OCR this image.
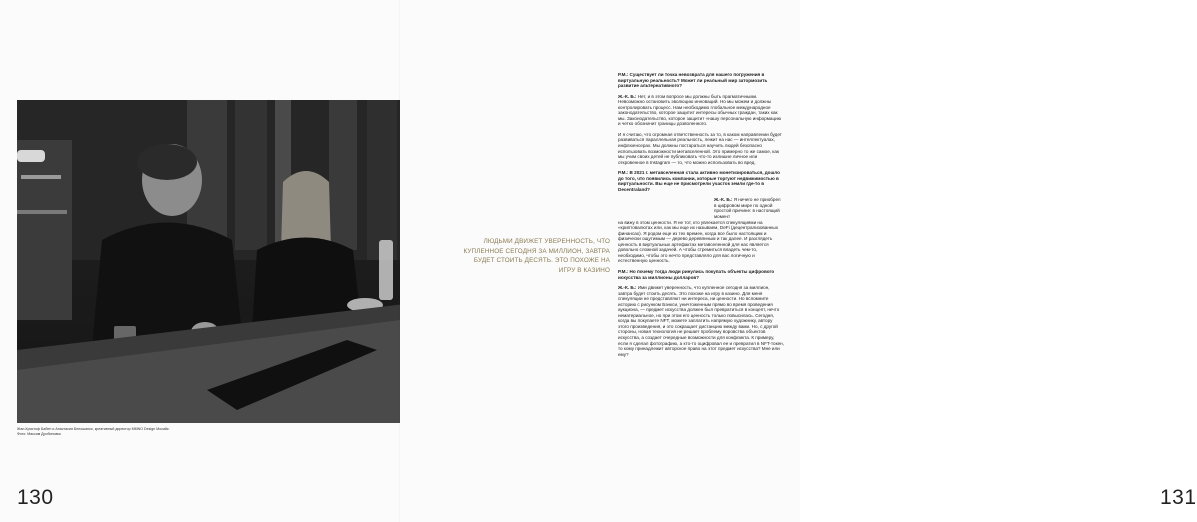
Жан-Кристоф Бабен и Анастасия Белошапко, креативный директор MMNO Design Мосайк. Фото: Максим Дробиновск
130	131
ЛЮДЬМИ ДВИЖЕТ УВЕРЕННОСТЬ, ЧТО КУПЛЕННОЕ СЕГОДНЯ ЗА МИЛЛИОН, ЗАВТРА БУДЕТ СТОИТЬ ДЕСЯТЬ. ЭТО ПОХОЖЕ НА ИГРУ В КАЗИНО

Р.М.: Существует ли точка невозврата для нашего погружения в виртуальную реальность? Может ли реальный мир затормозить развитие альтернативного?

Ж.-К. Б.: Нет, и в этом вопросе мы должны быть прагматичными. Невозможно остановить эволюцию инноваций. Но мы можем и должны контролировать процесс. Нам необходимо глобальное международное законодательство, которое защитит интересы обычных граждан, таких как мы. Законодательство, которое защитит «нашу персональную информацию и четко обозначит границы дозволенного.

И я считаю, что огромная ответственность за то, в каком направлении будет развиваться параллельная реальность, лежит на нас — интеллектуалах, инфлюенсерах. Мы должны постараться научить людей безопасно использовать возможности метавселенной. Это примерно то же самое, как мы учим своих детей не публиковать что-то излишне личное или откровенное в Instagram — то, что можно использовать во вред.

Р.М.: В 2021 г. метавселенная стала активно монетизироваться, дошло до того, что появились компании, которые торгуют недвижимостью в виртуальности. Вы еще не присмотрели участок земли где-то в Decentraland?

Ж.-К. Б.: Я ничего не приобрел в цифровом мире по одной простой причине: в настоящий момент

на вижу в этом ценности. Я не тот, кто увлекается спекуляциями на «криптовалютах или, как мы еще их называем, DeFi (децентрализованных финансах). Я родом еще из тех времен, когда все было настоящим и физически ощутимым — дерево деревянным и так далее. И разглядеть ценность в виртуальных артефактах метавселенной для нас является довольно сложной задачей. А чтобы стремиться владеть чем-то, необходимо, чтобы это нечто представляло для вас логичную и естественную ценность.

Р.М.: Но почему тогда люди ринулись покупать объекты цифрового искусства за миллионы долларов?

Ж.-К. Б.: Ими движет уверенность, что купленное сегодня за миллион, завтра будет стоить десять. Это похоже на игру в казино. Для меня спекуляции не представляют ни интереса, ни ценности. Но вспомните историю с рисунком Бэнкси, уничтоженным прямо во время проведения аукциона, — предмет искусства должен был превратиться в концепт, нечто нематериальное, но при этом его ценность только повысилась. Сегодня, когда вы покупаете NFT, можете заплатить напрямую художнику, автору этого произведения, и это сокращает дистанцию между вами. Но, с другой стороны, новая технология не решает проблему воровства объектов искусства, а создает очередные возможности для конфликта. К примеру, если я сделал фотографию, а кто-то оцифровал ее и превратил в NFT-токен, то кому принадлежит авторское право на этот предмет искусства? Мне или ему?
